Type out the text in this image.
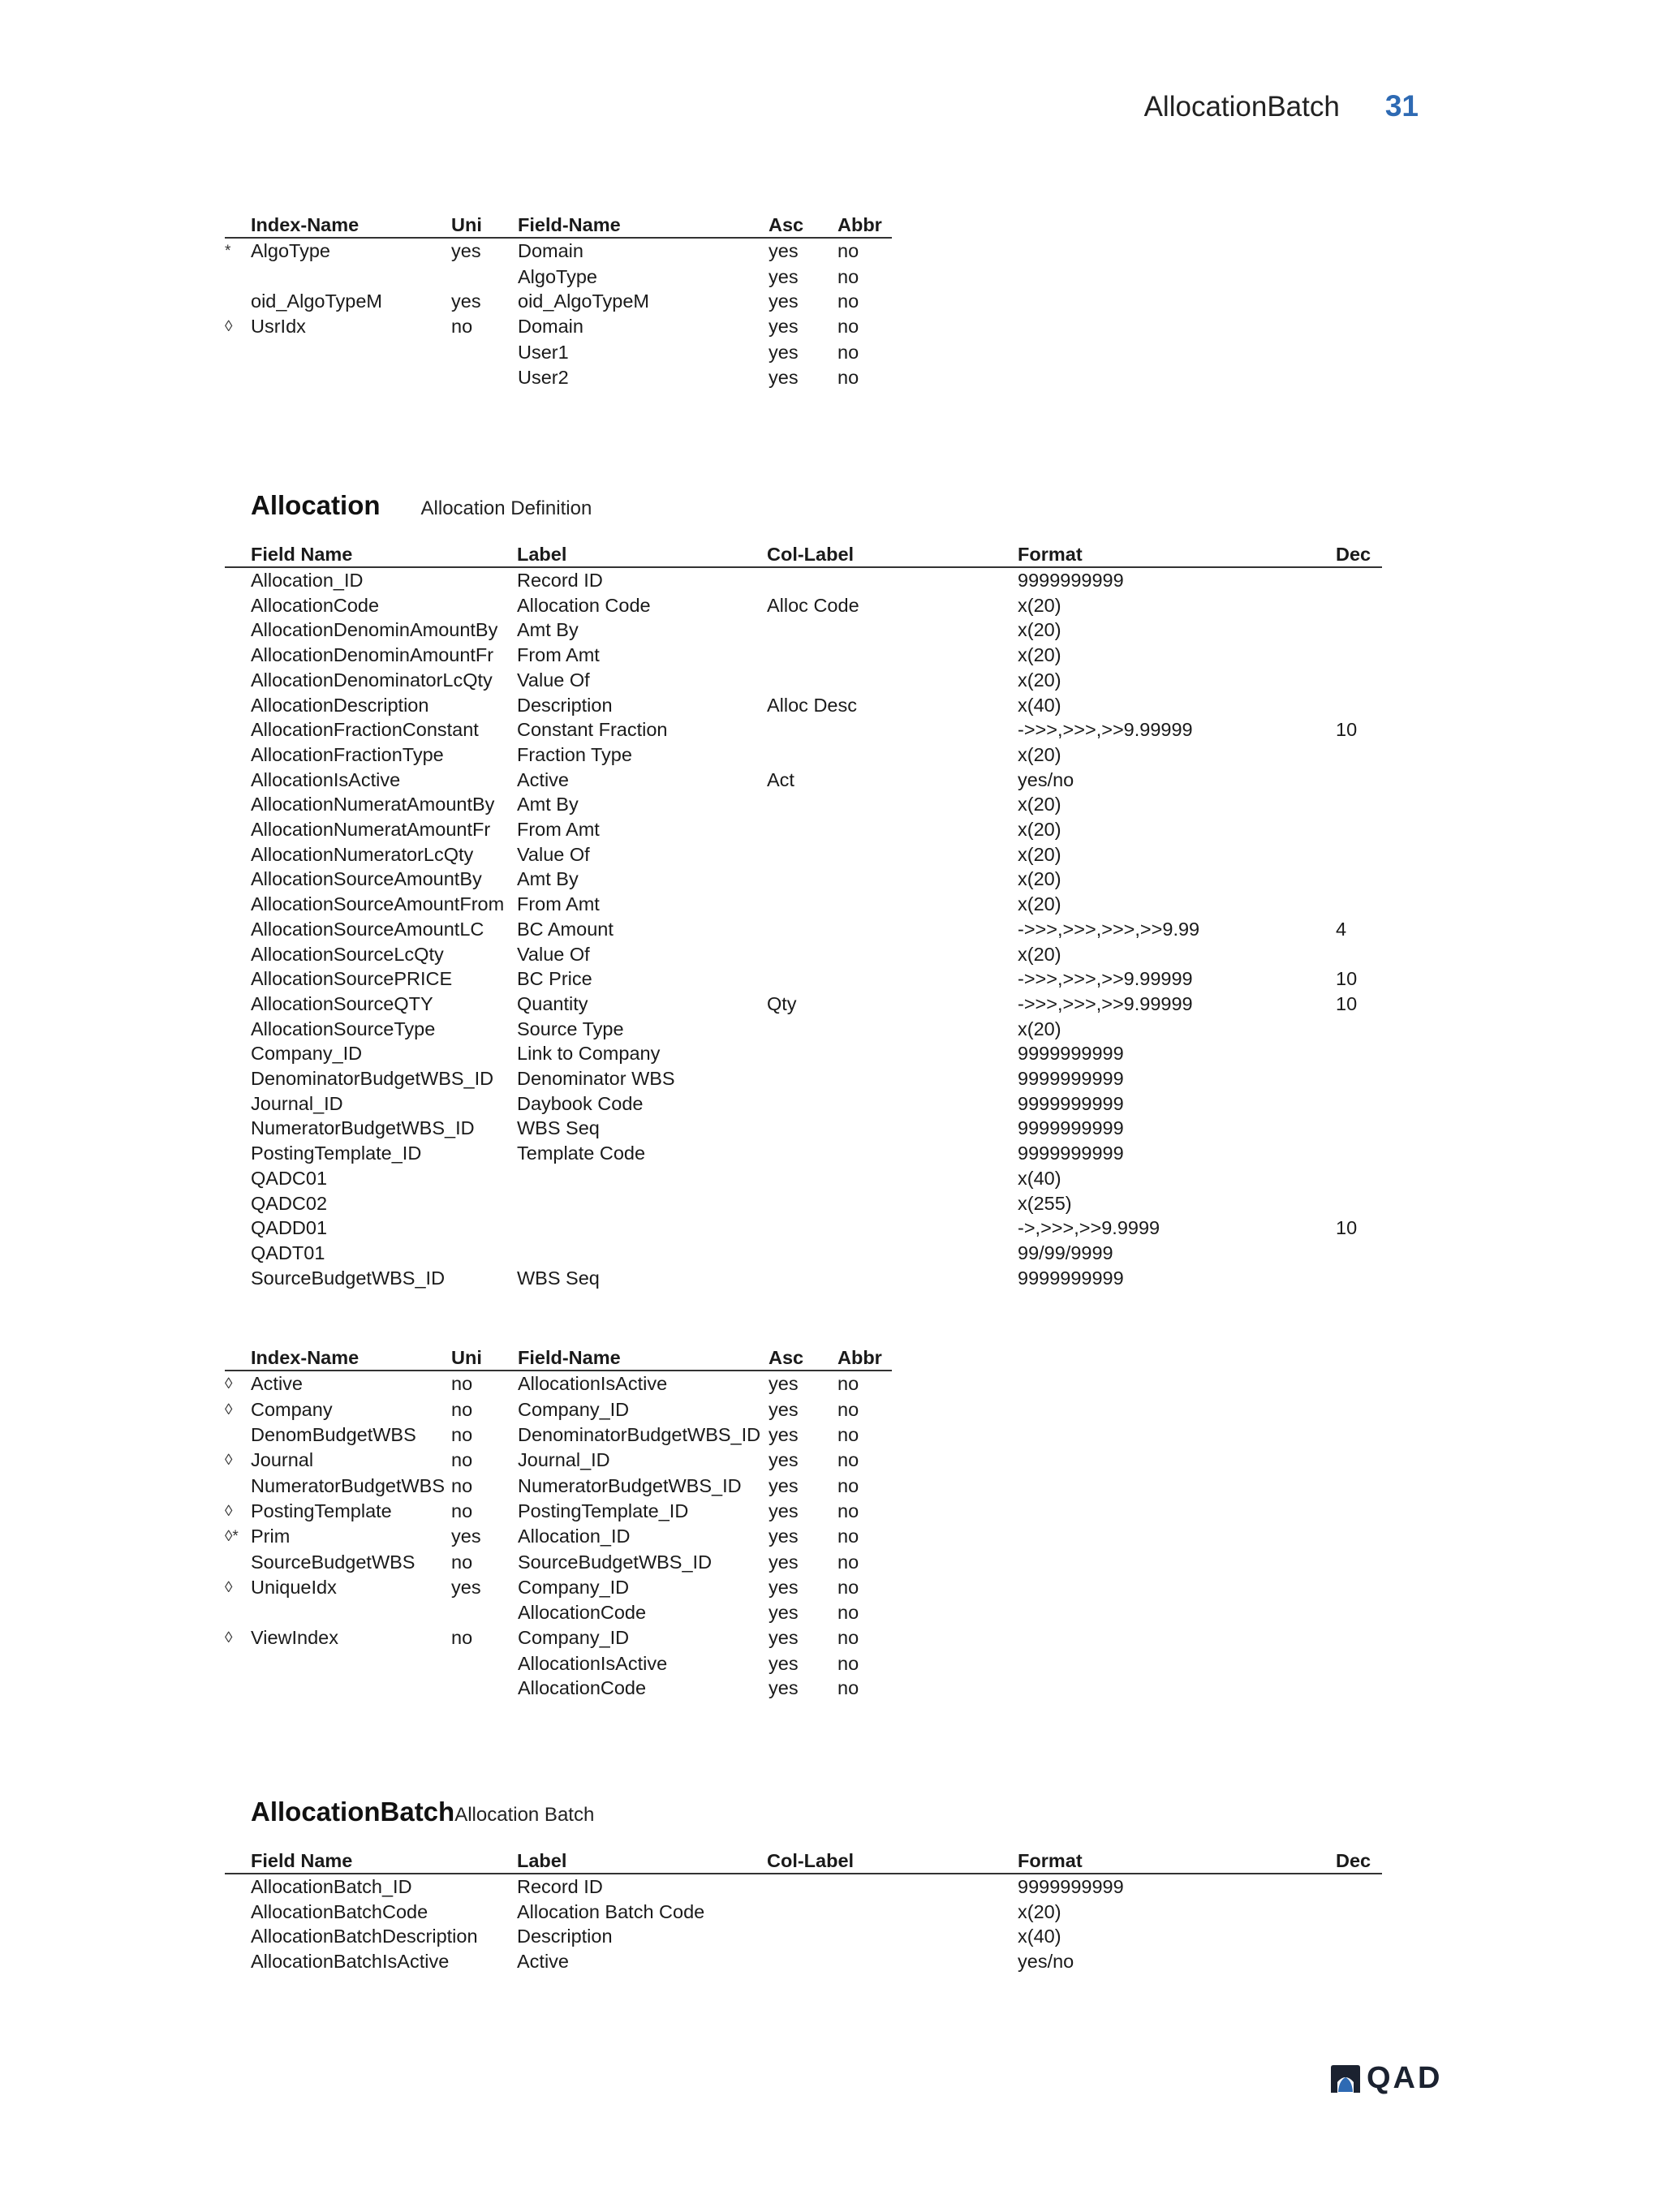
AllocationBatch 31
	Index-Name	Uni	Field-Name	Asc	Abbr
*	AlgoType	yes	Domain	yes	no
			AlgoType	yes	no
	oid_AlgoTypeM	yes	oid_AlgoTypeM	yes	no
◊	UsrIdx	no	Domain	yes	no
			User1	yes	no
			User2	yes	no
Allocation Allocation Definition
	Field Name	Label	Col-Label	Format	Dec
	Allocation_ID	Record ID		9999999999	
	AllocationCode	Allocation Code	Alloc Code	x(20)	
	AllocationDenominAmountBy	Amt By		x(20)	
	AllocationDenominAmountFr	From Amt		x(20)	
	AllocationDenominatorLcQty	Value Of		x(20)	
	AllocationDescription	Description	Alloc Desc	x(40)	
	AllocationFractionConstant	Constant Fraction		->>>,>>>,>>9.99999	10
	AllocationFractionType	Fraction Type		x(20)	
	AllocationIsActive	Active	Act	yes/no	
	AllocationNumeratAmountBy	Amt By		x(20)	
	AllocationNumeratAmountFr	From Amt		x(20)	
	AllocationNumeratorLcQty	Value Of		x(20)	
	AllocationSourceAmountBy	Amt By		x(20)	
	AllocationSourceAmountFrom	From Amt		x(20)	
	AllocationSourceAmountLC	BC Amount		->>>,>>>,>>>,>>9.99	4
	AllocationSourceLcQty	Value Of		x(20)	
	AllocationSourcePRICE	BC Price		->>>,>>>,>>9.99999	10
	AllocationSourceQTY	Quantity	Qty	->>>,>>>,>>9.99999	10
	AllocationSourceType	Source Type		x(20)	
	Company_ID	Link to Company		9999999999	
	DenominatorBudgetWBS_ID	Denominator WBS		9999999999	
	Journal_ID	Daybook Code		9999999999	
	NumeratorBudgetWBS_ID	WBS Seq		9999999999	
	PostingTemplate_ID	Template Code		9999999999	
	QADC01			x(40)	
	QADC02			x(255)	
	QADD01			->,>>>,>>9.9999	10
	QADT01			99/99/9999	
	SourceBudgetWBS_ID	WBS Seq		9999999999	
	Index-Name	Uni	Field-Name	Asc	Abbr
◊	Active	no	AllocationIsActive	yes	no
◊	Company	no	Company_ID	yes	no
	DenomBudgetWBS	no	DenominatorBudgetWBS_ID	yes	no
◊	Journal	no	Journal_ID	yes	no
	NumeratorBudgetWBS	no	NumeratorBudgetWBS_ID	yes	no
◊	PostingTemplate	no	PostingTemplate_ID	yes	no
◊*	Prim	yes	Allocation_ID	yes	no
	SourceBudgetWBS	no	SourceBudgetWBS_ID	yes	no
◊	UniqueIdx	yes	Company_ID	yes	no
			AllocationCode	yes	no
◊	ViewIndex	no	Company_ID	yes	no
			AllocationIsActive	yes	no
			AllocationCode	yes	no
AllocationBatch Allocation Batch
	Field Name	Label	Col-Label	Format	Dec
	AllocationBatch_ID	Record ID		9999999999	
	AllocationBatchCode	Allocation Batch Code		x(20)	
	AllocationBatchDescription	Description		x(40)	
	AllocationBatchIsActive	Active		yes/no	
QAD
